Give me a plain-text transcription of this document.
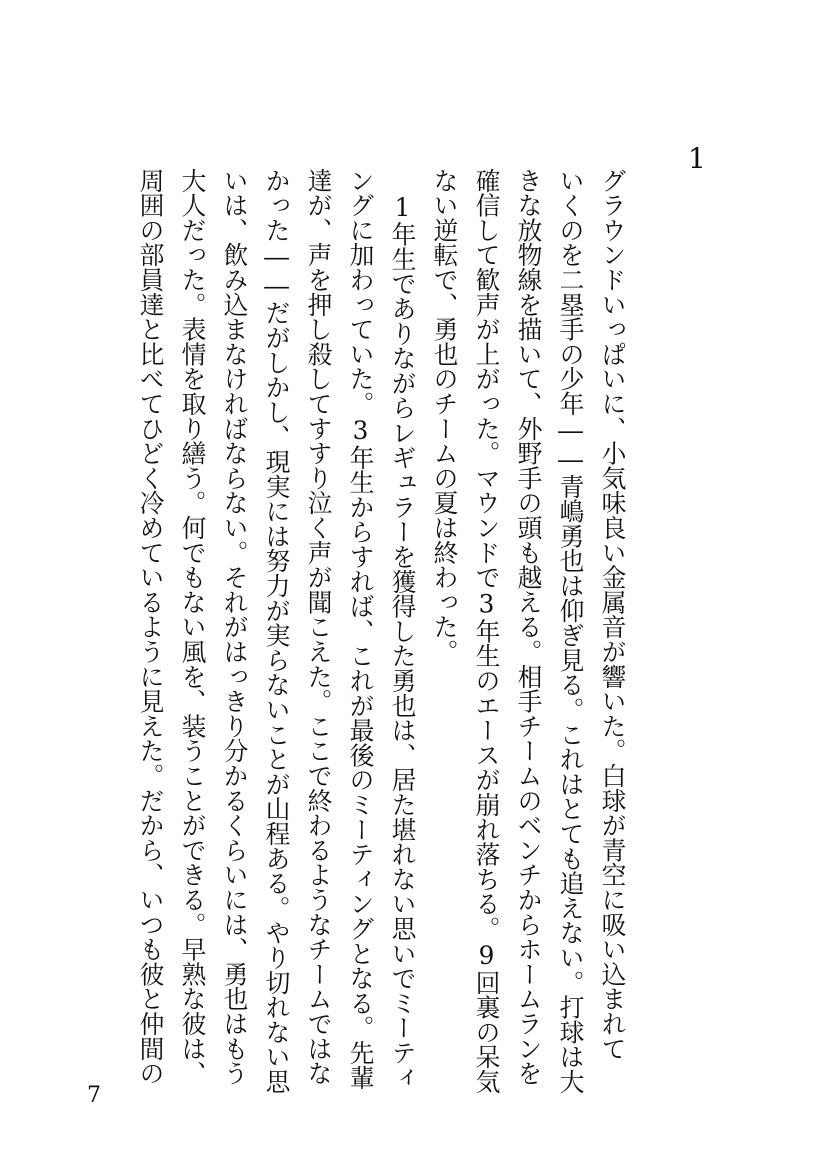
1
グラウンドいっぱいに、小気味良い金属音が響いた。白球が青空に吸い込まれて
いくのを二塁手の少年――青嶋勇也は仰ぎ見る。これはとても追えない。打球は大
きな放物線を描いて、外野手の頭も越える。相手チームのベンチからホームランを
確信して歓声が上がった。マウンドで3年生のエースが崩れ落ちる。9回裏の呆気
ない逆転で、勇也のチームの夏は終わった。
　1年生でありながらレギュラーを獲得した勇也は、居た堪れない思いでミーティ
ングに加わっていた。3年生からすれば、これが最後のミーティングとなる。先輩
達が、声を押し殺してすすり泣く声が聞こえた。ここで終わるようなチームではな
かった――だがしかし、現実には努力が実らないことが山程ある。やり切れない思
いは、飲み込まなければならない。それがはっきり分かるくらいには、勇也はもう
大人だった。表情を取り繕う。何でもない風を、装うことができる。早熟な彼は、
周囲の部員達と比べてひどく冷めているように見えた。だから、いつも彼と仲間の
7
